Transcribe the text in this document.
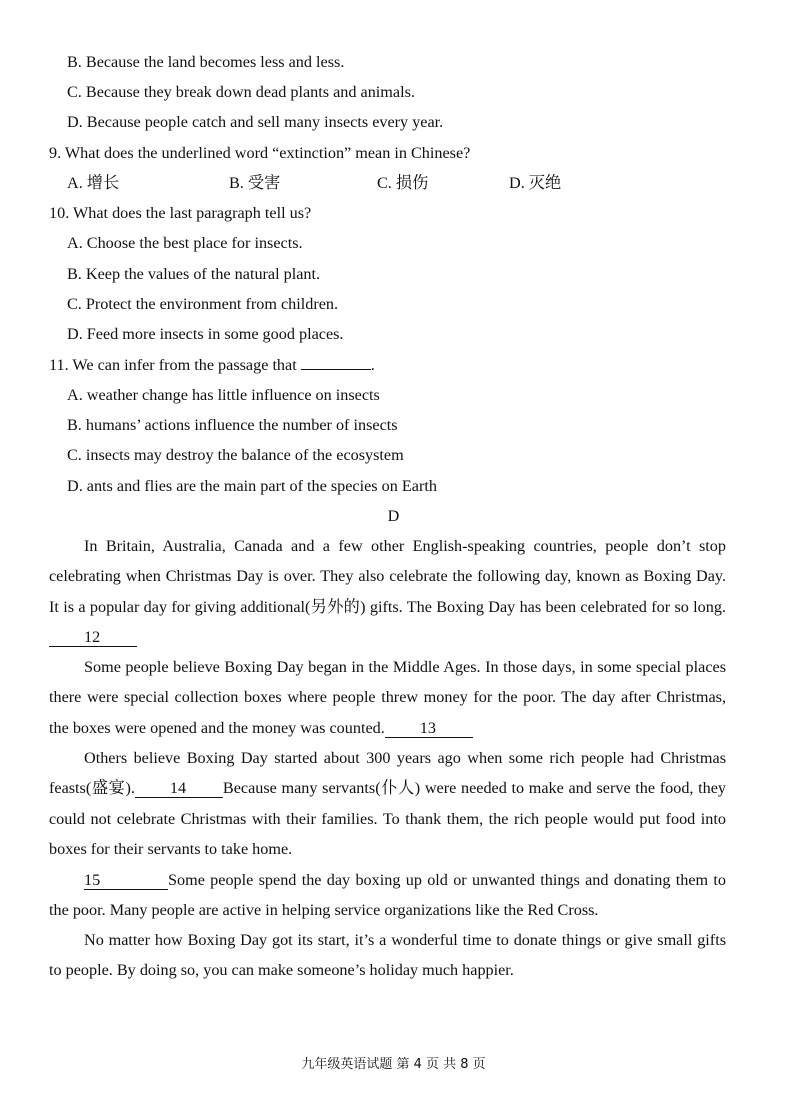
B. Because the land becomes less and less.
C. Because they break down dead plants and animals.
D. Because people catch and sell many insects every year.
9. What does the underlined word “extinction” mean in Chinese?
A. 增长	B. 受害	C. 损伤	D. 灭绝
10. What does the last paragraph tell us?
A. Choose the best place for insects.
B. Keep the values of the natural plant.
C. Protect the environment from children.
D. Feed more insects in some good places.
11. We can infer from the passage that	.
A. weather change has little influence on insects
B. humans’ actions influence the number of insects
C. insects may destroy the balance of the ecosystem
D. ants and flies are the main part of the species on Earth
D
In Britain, Australia, Canada and a few other English-speaking countries, people don’t stop celebrating when Christmas Day is over. They also celebrate the following day, known as Boxing Day. It is a popular day for giving additional(另外的) gifts. The Boxing Day has been celebrated for so long.12
Some people believe Boxing Day began in the Middle Ages. In those days, in some special places there were special collection boxes where people threw money for the poor. The day after Christmas, the boxes were opened and the money was counted. 13
Others believe Boxing Day started about 300 years ago when some rich people had Christmas feasts(盛宴). 14 Because many servants(仆人) were needed to make and serve the food, they could not celebrate Christmas with their families. To thank them, the rich people would put food into boxes for their servants to take home.
15	Some people spend the day boxing up old or unwanted things and donating them to the poor. Many people are active in helping service organizations like the Red Cross.
No matter how Boxing Day got its start, it’s a wonderful time to donate things or give small gifts to people. By doing so, you can make someone’s holiday much happier.
九年级英语试题 第 4 页 共 8 页
